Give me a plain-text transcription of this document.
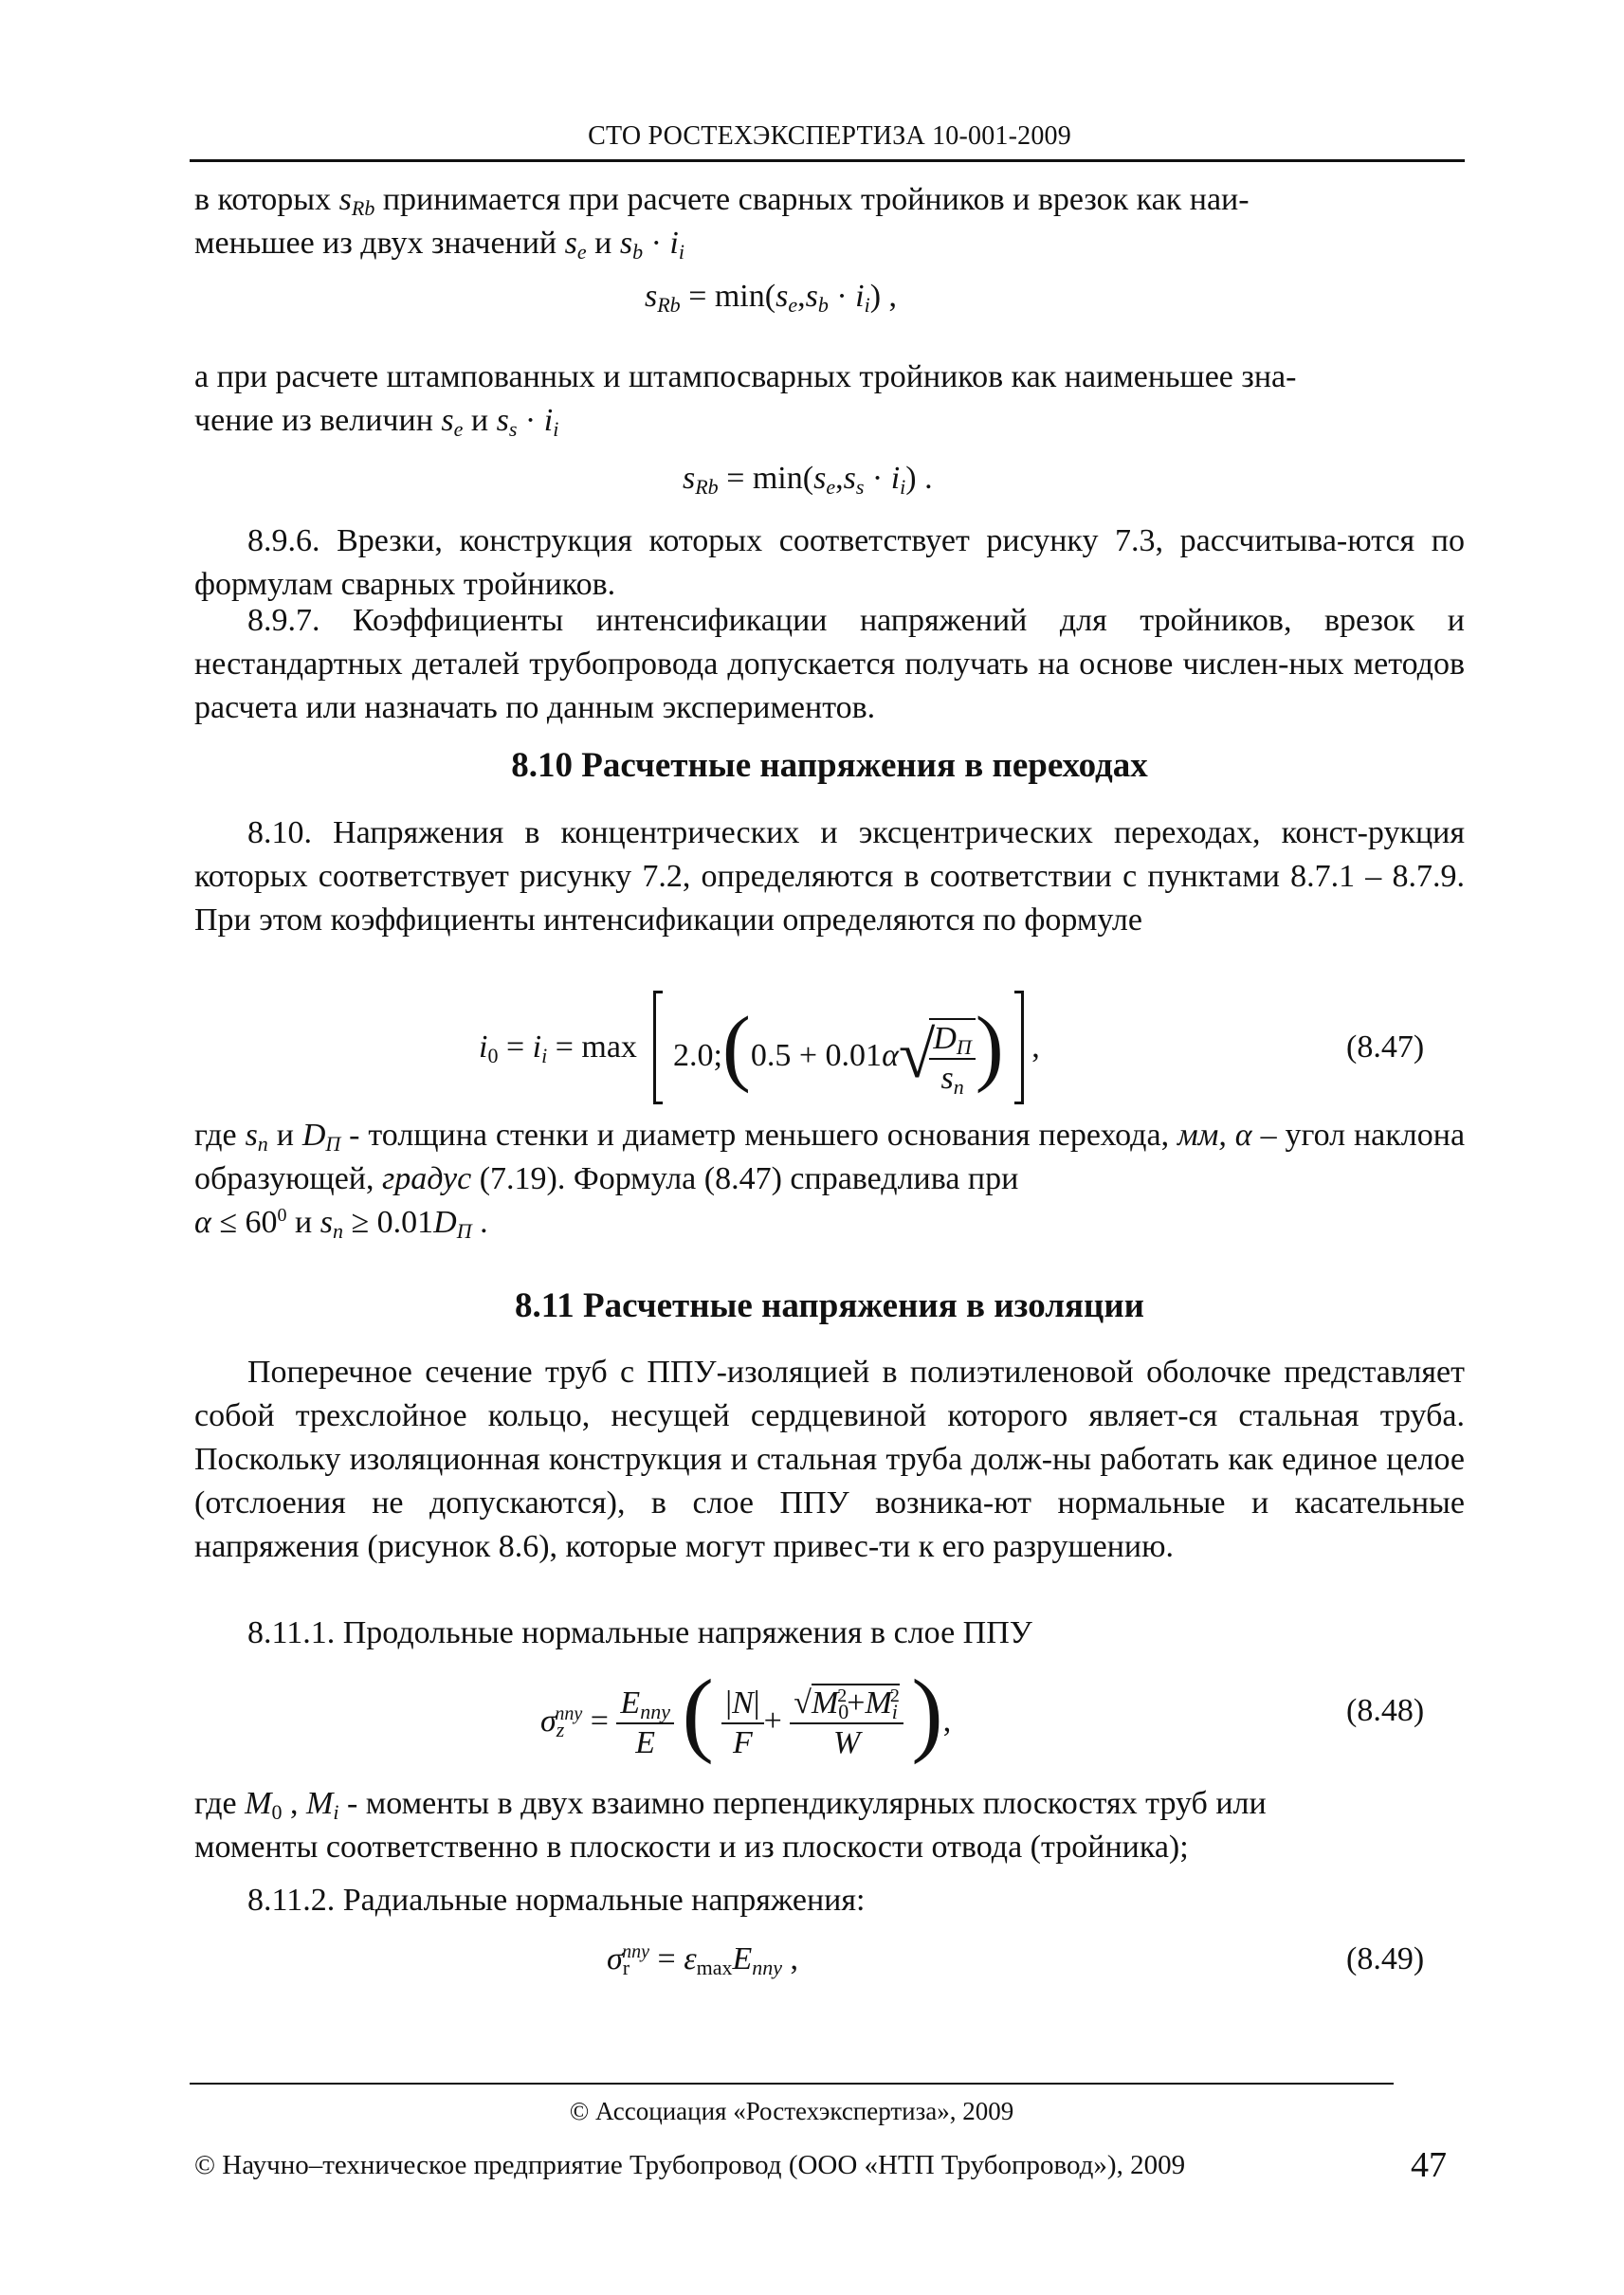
СТО РОСТЕХЭКСПЕРТИЗА 10-001-2009
в которых $s_{Rb}$ принимается при расчете сварных тройников и врезок как наи-
меньшее из двух значений $s_e$ и $s_b \cdot i_i$
$s_{Rb} = \min(s_e,s_b \cdot i_i)$ ,
а при расчете штампованных и штампосварных тройников как наименьшее зна-
чение из величин $s_e$ и $s_s \cdot i_i$
$s_{Rb} = \min(s_e,s_s \cdot i_i)$ .
8.9.6. Врезки, конструкция которых соответствует рисунку 7.3, рассчитыва-ются по формулам сварных тройников.
8.9.7. Коэффициенты интенсификации напряжений для тройников, врезок и нестандартных деталей трубопровода допускается получать на основе числен-ных методов расчета или назначать по данным экспериментов.
8.10 Расчетные напряжения в переходах
8.10. Напряжения в концентрических и эксцентрических переходах, конст-рукция которых соответствует рисунку 7.2, определяются в соответствии с пунктами 8.7.1 – 8.7.9. При этом коэффициенты интенсификации определяются по формуле
$i_0 = i_i = \max$
2.0;(0.5 + 0.01α√
$D_П$
$s_n$ ) ,	(8.47)
где $s_n$ и $D_П$ - толщина стенки и диаметр меньшего основания перехода, мм, α – угол наклона образующей, градус (7.19). Формула (8.47) справедлива при
$\alpha \le 60^0$ и $s_n \ge 0.01D_П$ .
8.11 Расчетные напряжения в изоляции
Поперечное сечение труб с ППУ-изоляцией в полиэтиленовой оболочке представляет собой трехслойное кольцо, несущей сердцевиной которого являет-ся стальная труба. Поскольку изоляционная конструкция и стальная труба долж-ны работать как единое целое (отслоения не допускаются), в слое ППУ возника-ют нормальные и касательные напряжения (рисунок 8.6), которые могут привес-ти к его разрушению.
8.11.1. Продольные нормальные напряжения в слое ППУ
$\sigma_z^{nny}$ =
$E_{nny}$
E ( $\frac{|N|}{F} + \frac{√M_0^2+M_i^2}{W}$ ),	(8.48)
где $M_0$ , $M_i$ - моменты в двух взаимно перпендикулярных плоскостях труб или
моменты соответственно в плоскости и из плоскости отвода (тройника);
8.11.2. Радиальные нормальные напряжения:
$\sigma_r^{nny} = \varepsilon_{max}E_{nny}$ ,	(8.49)
© Ассоциация «Ростехэкспертиза», 2009
© Научно–техническое предприятие Трубопровод (ООО «НТП Трубопровод»), 2009	47
